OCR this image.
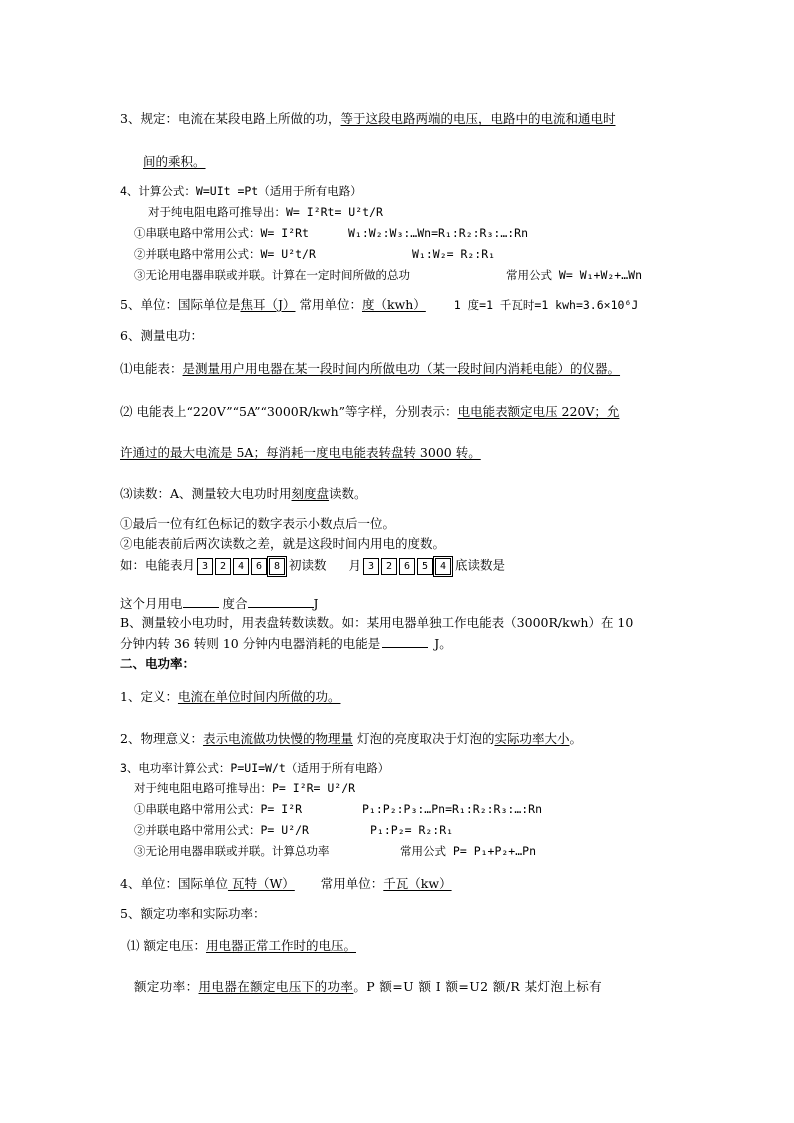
3、规定：电流在某段电路上所做的功，等于这段电路两端的电压，电路中的电流和通电时
间的乘积。
4、计算公式：W=UIt =Pt（适用于所有电路）
对于纯电阻电路可推导出：W= I²Rt= U²t/R
①串联电路中常用公式：W= I²Rt	W₁:W₂:W₃:…Wn=R₁:R₂:R₃:…:Rn
②并联电路中常用公式：W= U²t/R	W₁:W₂= R₂:R₁
③无论用电器串联或并联。计算在一定时间所做的总功	常用公式 W= W₁+W₂+…Wn
5、单位：国际单位是焦耳（J） 常用单位：度（kwh） 1 度=1 千瓦时=1 kwh=3.6×10⁶J
6、测量电功：
⑴电能表：是测量用户用电器在某一段时间内所做电功（某一段时间内消耗电能）的仪器。
⑵ 电能表上“220V”“5A”“3000R/kwh”等字样，分别表示：电电能表额定电压 220V；允
许通过的最大电流是 5A；每消耗一度电电能表转盘转 3000 转。
⑶读数：A、测量较大电功时用刻度盘读数。
①最后一位有红色标记的数字表示小数点后一位。
②电能表前后两次读数之差，就是这段时间内用电的度数。
如：电能表月 3 2 4 6 8 初读数 月 3 2 6 5 4 底读数是
这个月用电	度合	J
B、测量较小电功时，用表盘转数读数。如：某用电器单独工作电能表（3000R/kwh）在 10
分钟内转 36 转则 10 分钟内电器消耗的电能是	J。
二、电功率：
1、定义：电流在单位时间内所做的功。
2、物理意义：表示电流做功快慢的物理量 灯泡的亮度取决于灯泡的实际功率大小。
3、电功率计算公式：P=UI=W/t（适用于所有电路）
对于纯电阻电路可推导出：P= I²R= U²/R
①串联电路中常用公式：P= I²R	P₁:P₂:P₃:…Pn=R₁:R₂:R₃:…:Rn
②并联电路中常用公式：P= U²/R	P₁:P₂= R₂:R₁
③无论用电器串联或并联。计算总功率	常用公式 P= P₁+P₂+…Pn
4、单位：国际单位 瓦特（W） 常用单位：千瓦（kw）
5、额定功率和实际功率：
⑴ 额定电压：用电器正常工作时的电压。
额定功率：用电器在额定电压下的功率。P 额=U 额 I 额=U2 额/R 某灯泡上标有
